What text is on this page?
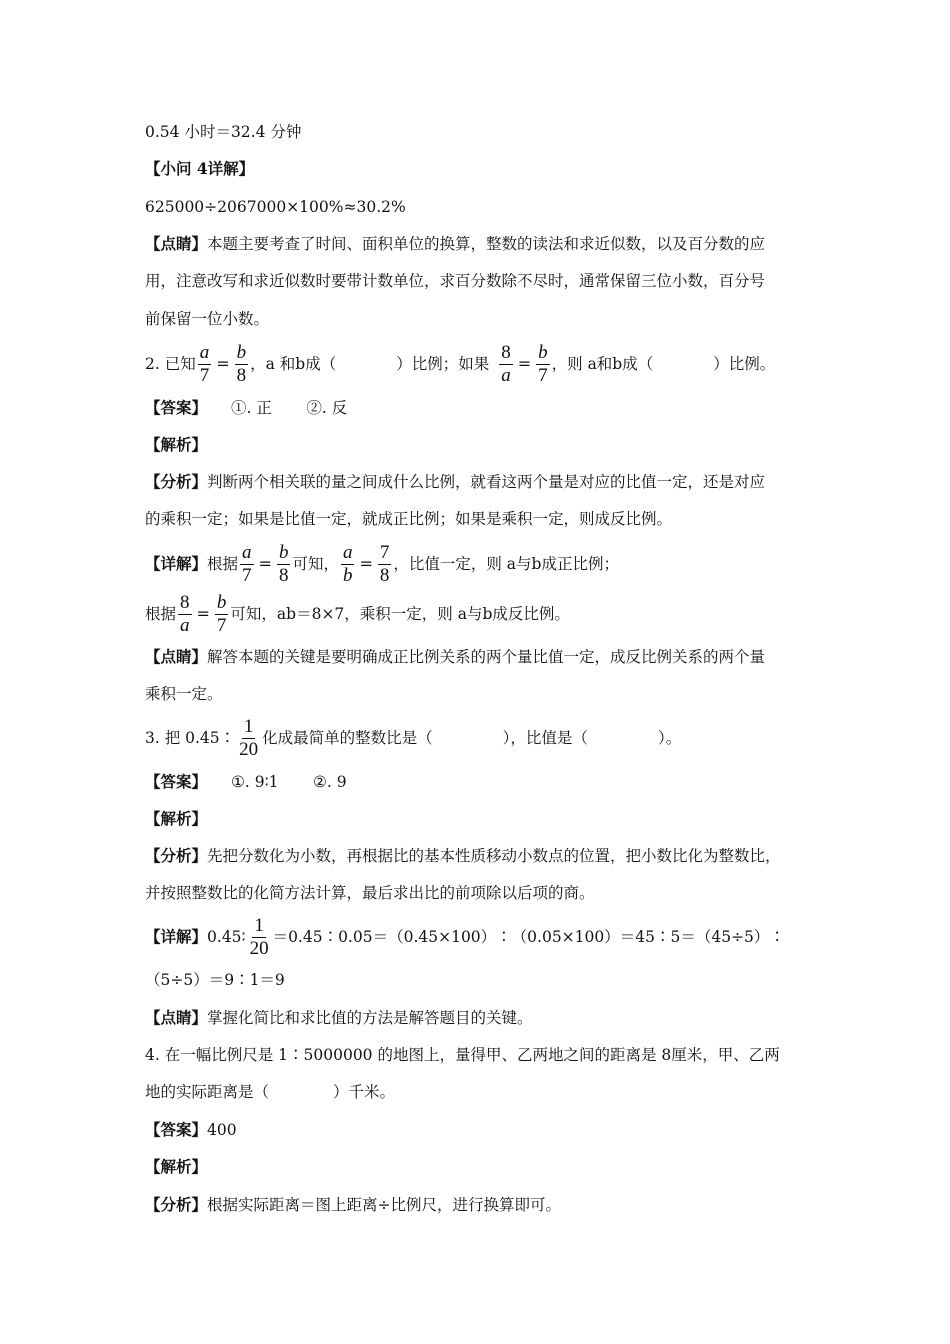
0.54 小时＝32.4 分钟
【小问 4详解】
625000÷2067000×100%≈30.2%
【点睛】 本题主要考查了时间、面积单位的换算，整数的读法和求近似数，以及百分数的应
用，注意改写和求近似数时要带计数单位，求百分数除不尽时，通常保留三位小数，百分号
前保留一位小数。
2. 已知 $\frac{a}{7} = \frac{b}{8}$ ，a 和b成（	）比例；如果 $\frac{8}{a} = \frac{b}{7}$ ，则 a和b成（	）比例。
【答案】 ①. 正       ②. 反
【解析】
【分析】 判断两个相关联的量之间成什么比例，就看这两个量是对应的比值一定，还是对应
的乘积一定；如果是比值一定，就成正比例；如果是乘积一定，则成反比例。
【详解】 根据 $\frac{a}{7} = \frac{b}{8}$ 可知， $\frac{a}{b} = \frac{7}{8}$ ，比值一定，则 a与b成正比例；
根据 $\frac{8}{a} = \frac{b}{7}$ 可知，ab＝8×7，乘积一定，则 a与b成反比例。
【点睛】 解答本题的关键是要明确成正比例关系的两个量比值一定，成反比例关系的两个量
乘积一定。
3. 把 0.45∶ $\frac{1}{20}$ 化成最简单的整数比是（	），比值是（	）。
【答案】 ①. 9∶1       ②. 9
【解析】
【分析】 先把分数化为小数，再根据比的基本性质移动小数点的位置，把小数比化为整数比，
并按照整数比的化简方法计算，最后求出比的前项除以后项的商。
【详解】 0.45∶ $\frac{1}{20}$ ＝0.45∶0.05＝（0.45×100）∶（0.05×100）＝45∶5＝（45÷5）∶
（5÷5）＝9∶1＝9
【点睛】 掌握化简比和求比值的方法是解答题目的关键。
4. 在一幅比例尺是 1∶5000000 的地图上，量得甲、乙两地之间的距离是 8厘米，甲、乙两
地的实际距离是（	）千米。
【答案】 400
【解析】
【分析】 根据实际距离＝图上距离÷比例尺，进行换算即可。
